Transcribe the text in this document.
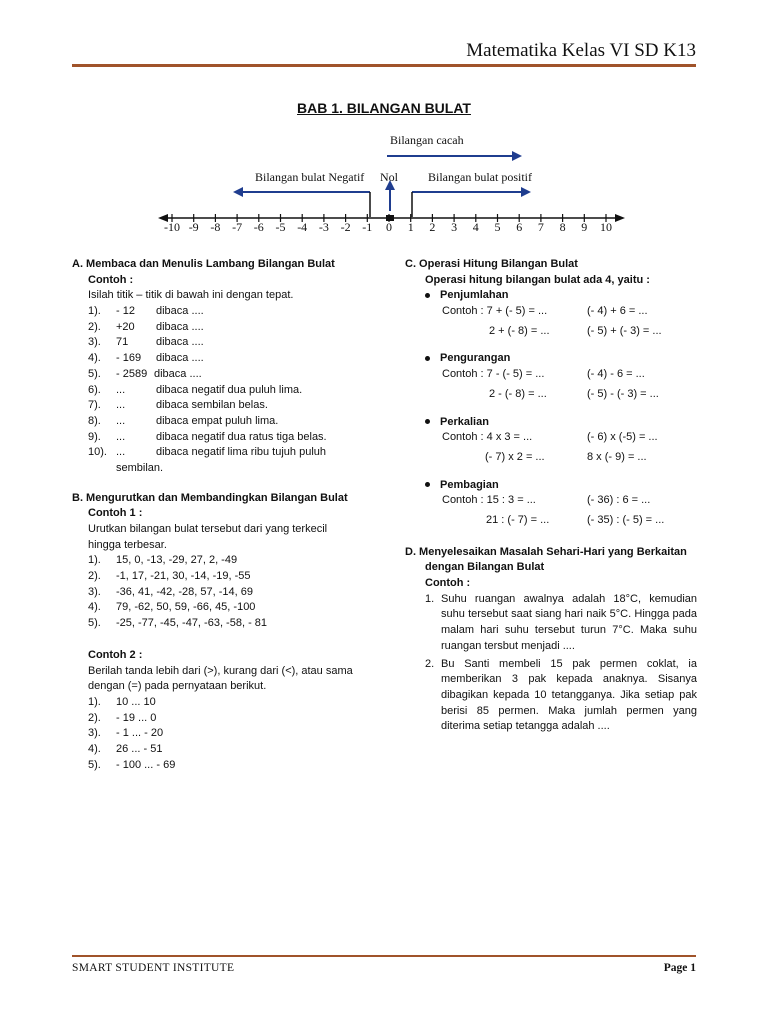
Matematika Kelas VI SD K13
BAB 1. BILANGAN BULAT
Bilangan cacah
Bilangan bulat Negatif Nol	Bilangan bulat positif
-10 -9 -8 -7 -6 -5 -4 -3 -2 -1	0	1	2	3	4	5	6	7	8	9	10
A. Membaca dan Menulis Lambang Bilangan Bulat
Contoh :
Isilah titik – titik di bawah ini dengan tepat.
1). - 12 dibaca ....
2). +20 dibaca ....
3). 71	dibaca ....
4). - 169 dibaca ....
5). - 2589 dibaca ....
6). ...	dibaca negatif dua puluh lima.
7). ...	dibaca sembilan belas.
8). ...	dibaca empat puluh lima.
9). ...	dibaca negatif dua ratus tiga belas.
10). ...	dibaca negatif lima ribu tujuh puluh
sembilan.
B. Mengurutkan dan Membandingkan Bilangan Bulat
Contoh 1 :
Urutkan bilangan bulat tersebut dari yang terkecil
hingga terbesar.
1). 15, 0, -13, -29, 27, 2, -49
2). -1, 17, -21, 30, -14, -19, -55
3). -36, 41, -42, -28, 57, -14, 69
4). 79, -62, 50, 59, -66, 45, -100
5). -25, -77, -45, -47, -63, -58, - 81
Contoh 2 :
Berilah tanda lebih dari (>), kurang dari (<), atau sama
dengan (=) pada pernyataan berikut.
1). 10 ... 10
2). - 19 ... 0
3). - 1 ... - 20
4). 26 ... - 51
5). - 100 ... - 69
C. Operasi Hitung Bilangan Bulat
Operasi hitung bilangan bulat ada 4, yaitu :
Penjumlahan
Contoh : 7 + (- 5) = ...	(- 4) + 6 = ...
2 + (- 8) = ...	(- 5) + (- 3) = ...
Pengurangan
Contoh : 7 - (- 5) = ...	(- 4) - 6 = ...
2 - (- 8) = ...	(- 5) - (- 3) = ...
Perkalian
Contoh : 4 x 3 = ...	(- 6) x (-5) = ...
(- 7) x 2 = ...	8 x (- 9) = ...
Pembagian
Contoh : 15 : 3 = ...	(- 36) : 6 = ...
21 : (- 7) = ...	(- 35) : (- 5) = ...
D. Menyelesaikan Masalah Sehari-Hari yang Berkaitan
dengan Bilangan Bulat
Contoh :
1. Suhu ruangan awalnya adalah 18°C, kemudian suhu tersebut saat siang hari naik 5°C. Hingga pada malam hari suhu tersebut turun 7°C. Maka suhu ruangan tersbut menjadi ....
2. Bu Santi membeli 15 pak permen coklat, ia memberikan 3 pak kepada anaknya. Sisanya dibagikan kepada 10 tetangganya. Jika setiap pak berisi 85 permen. Maka jumlah permen yang diterima setiap tetangga adalah ....
SMART STUDENT INSTITUTE	Page 1
